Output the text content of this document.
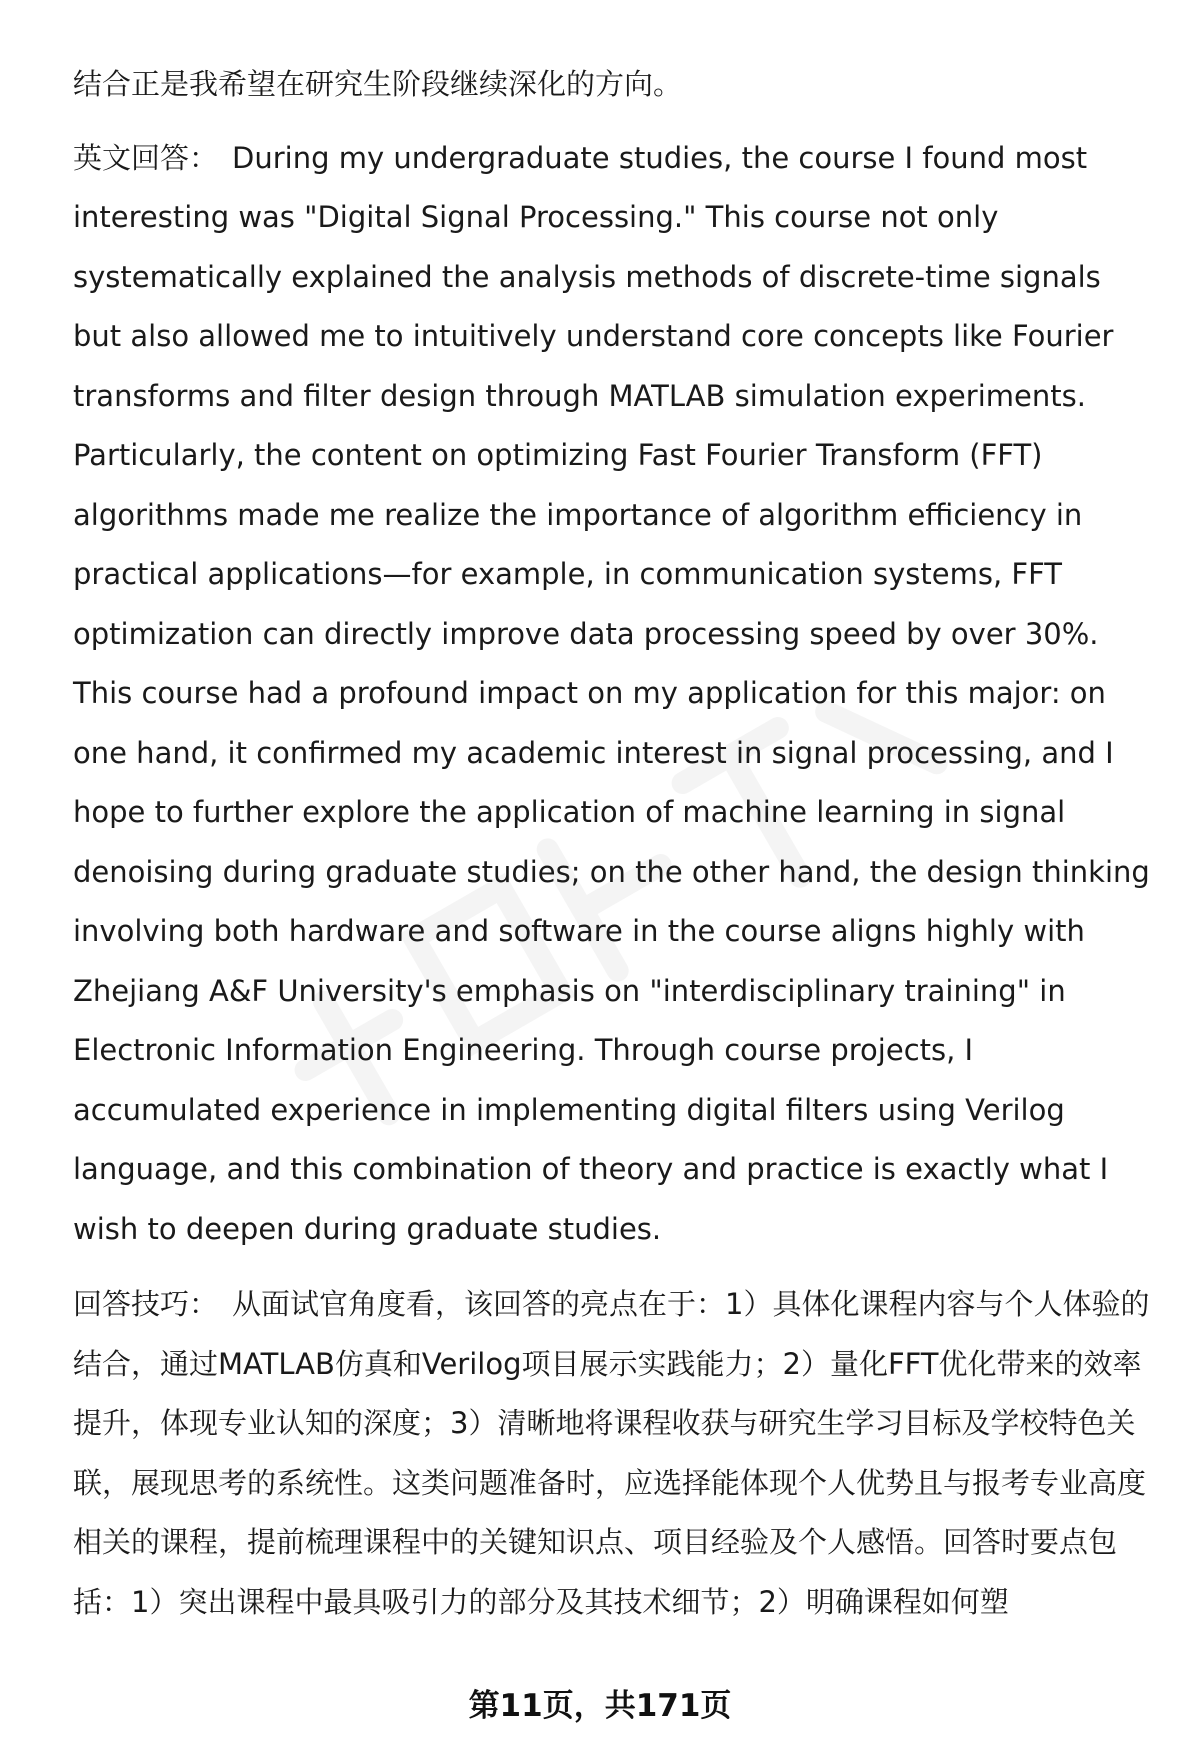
结合正是我希望在研究生阶段继续深化的方向。

英文回答： During my undergraduate studies, the course I found most interesting was "Digital Signal Processing." This course not only systematically explained the analysis methods of discrete-time signals but also allowed me to intuitively understand core concepts like Fourier transforms and filter design through MATLAB simulation experiments. Particularly, the content on optimizing Fast Fourier Transform (FFT) algorithms made me realize the importance of algorithm efficiency in practical applications—for example, in communication systems, FFT optimization can directly improve data processing speed by over 30%. This course had a profound impact on my application for this major: on one hand, it confirmed my academic interest in signal processing, and I hope to further explore the application of machine learning in signal denoising during graduate studies; on the other hand, the design thinking involving both hardware and software in the course aligns highly with Zhejiang A&F University's emphasis on "interdisciplinary training" in Electronic Information Engineering. Through course projects, I accumulated experience in implementing digital filters using Verilog language, and this combination of theory and practice is exactly what I wish to deepen during graduate studies.

回答技巧： 从面试官角度看，该回答的亮点在于：1）具体化课程内容与个人体验的结合，通过MATLAB仿真和Verilog项目展示实践能力；2）量化FFT优化带来的效率提升，体现专业认知的深度；3）清晰地将课程收获与研究生学习目标及学校特色关联，展现思考的系统性。这类问题准备时，应选择能体现个人优势且与报考专业高度相关的课程，提前梳理课程中的关键知识点、项目经验及个人感悟。回答时要点包括：1）突出课程中最具吸引力的部分及其技术细节；2）明确课程如何塑

第11页，共171页
